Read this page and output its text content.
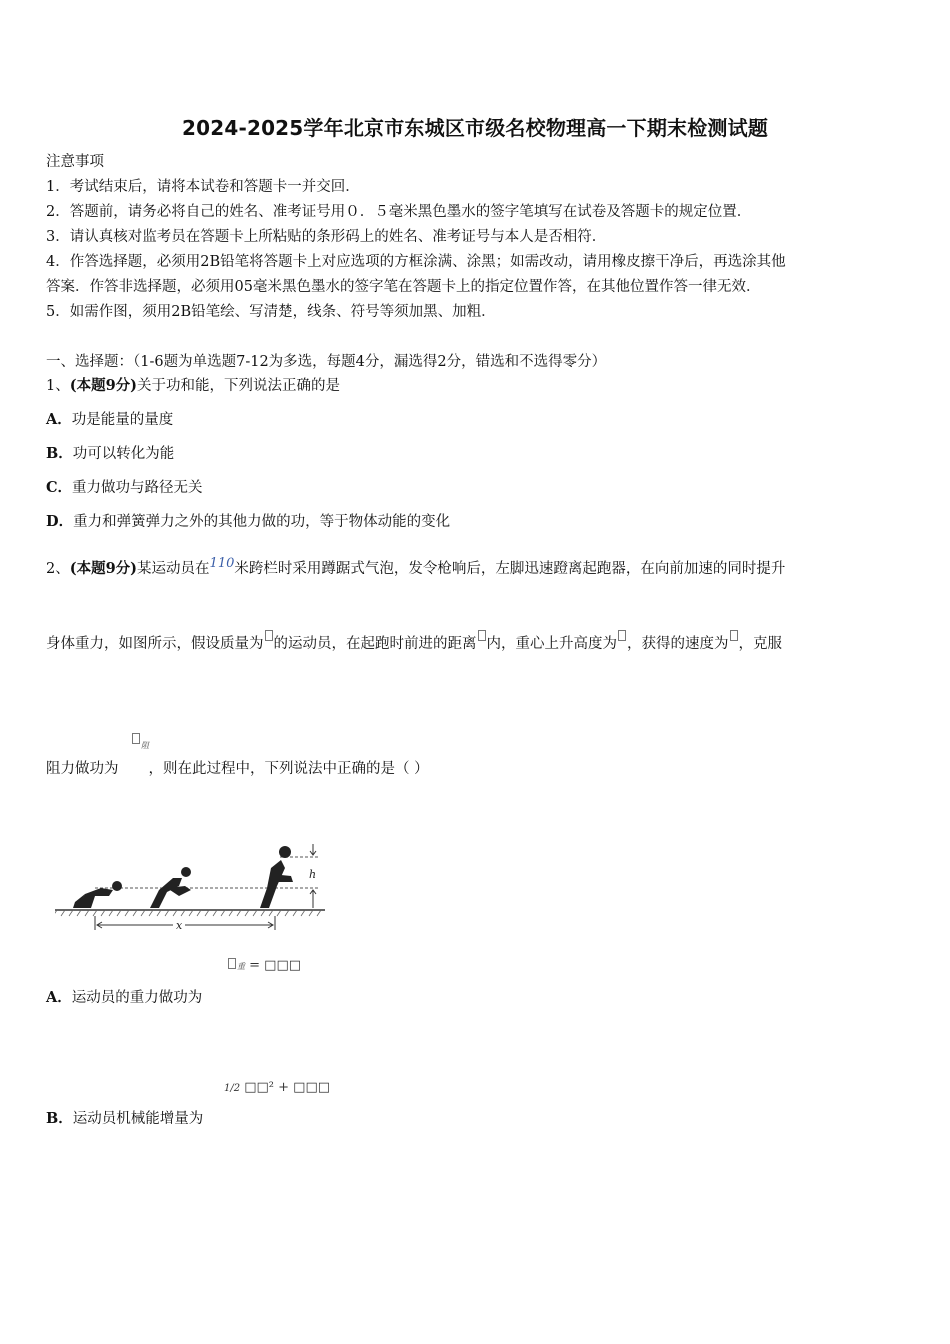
2024-2025学年北京市东城区市级名校物理高一下期末检测试题
注意事项
1．考试结束后，请将本试卷和答题卡一并交回．
2．答题前，请务必将自己的姓名、准考证号用０．５毫米黑色墨水的签字笔填写在试卷及答题卡的规定位置．
3．请认真核对监考员在答题卡上所粘贴的条形码上的姓名、准考证号与本人是否相符．
4．作答选择题，必须用2B铅笔将答题卡上对应选项的方框涂满、涂黑；如需改动，请用橡皮擦干净后，再选涂其他
答案．作答非选择题，必须用05毫米黑色墨水的签字笔在答题卡上的指定位置作答，在其他位置作答一律无效．
5．如需作图，须用2B铅笔绘、写清楚，线条、符号等须加黑、加粗．
一、选择题：（1-6题为单选题7-12为多选，每题4分，漏选得2分，错选和不选得零分）
1、(本题9分)关于功和能，下列说法正确的是
A．功是能量的量度
B．功可以转化为能
C．重力做功与路径无关
D．重力和弹簧弹力之外的其他力做的功，等于物体动能的变化
2、(本题9分)某运动员在110米跨栏时采用蹲踞式气泡，发令枪响后，左脚迅速蹬离起跑器，在向前加速的同时提升
身体重力，如图所示，假设质量为 的运动员，在起跑时前进的距离 内，重心上升高度为 ，获得的速度为 ，克服
阻
阻力做功为 ，则在此过程中，下列说法中正确的是（ ）
h
x
重 = □□□
A．运动员的重力做功为
1/2 □□² + □□□
B．运动员机械能增量为
